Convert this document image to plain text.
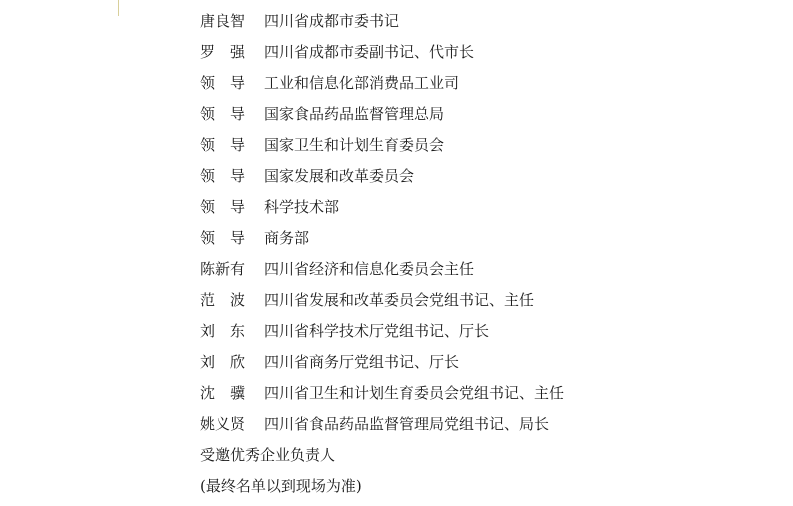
唐良智	四川省成都市委书记
罗　强	四川省成都市委副书记、代市长
领　导	工业和信息化部消费品工业司
领　导	国家食品药品监督管理总局
领　导	国家卫生和计划生育委员会
领　导	国家发展和改革委员会
领　导	科学技术部
领　导	商务部
陈新有	四川省经济和信息化委员会主任
范　波	四川省发展和改革委员会党组书记、主任
刘　东	四川省科学技术厅党组书记、厅长
刘　欣	四川省商务厅党组书记、厅长
沈　骥	四川省卫生和计划生育委员会党组书记、主任
姚义贤	四川省食品药品监督管理局党组书记、局长
受邀优秀企业负责人
(最终名单以到现场为准)
